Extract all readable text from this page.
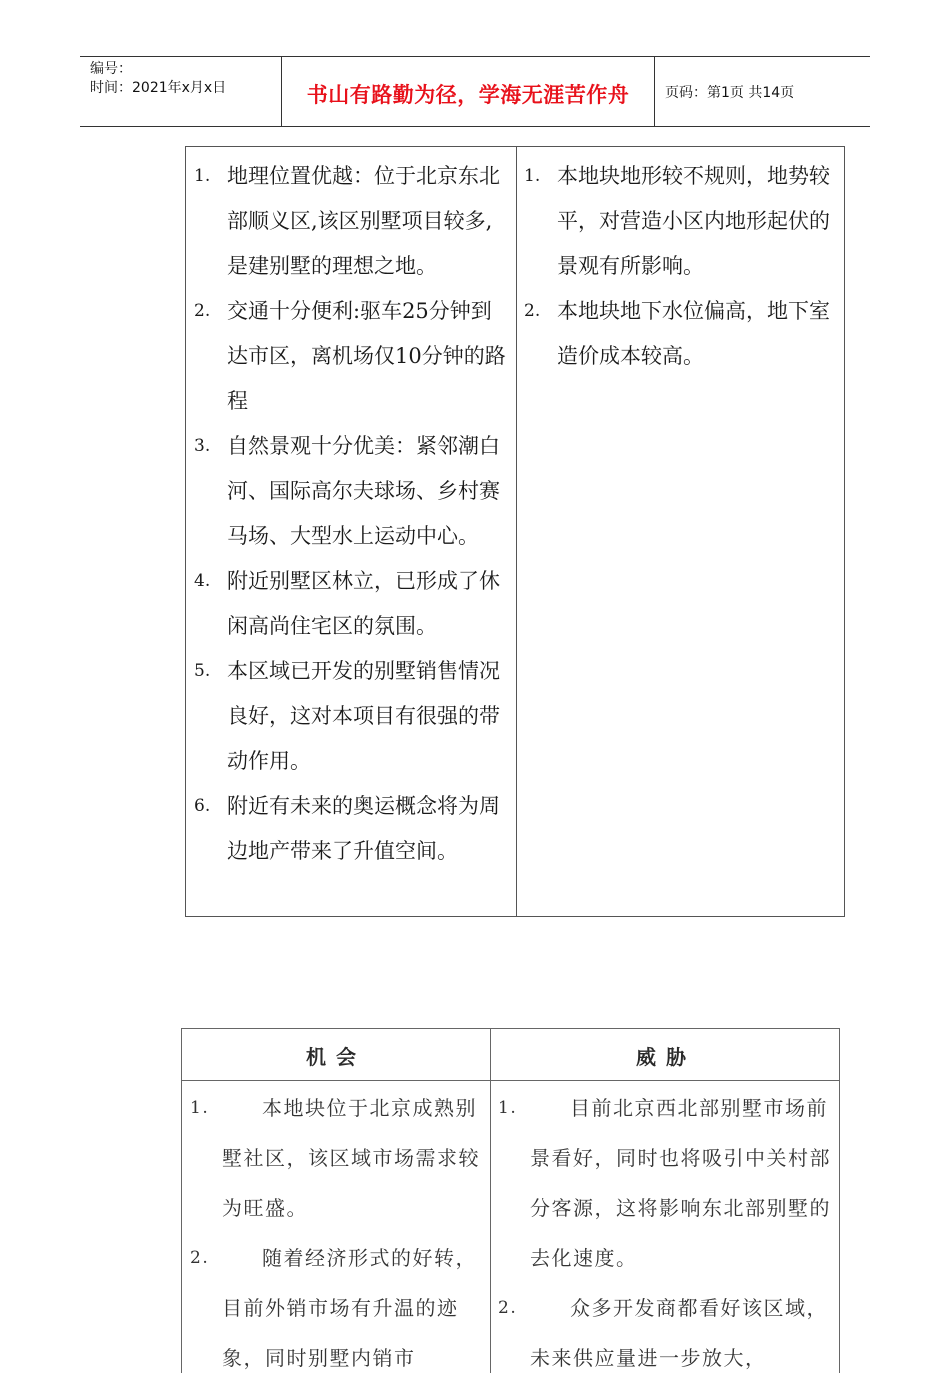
编号：
时间：2021年x月x日	书山有路勤为径，学海无涯苦作舟	页码：第1页 共14页
1. 地理位置优越：位于北京东北部顺义区,该区别墅项目较多,是建别墅的理想之地。
2. 交通十分便利:驱车25分钟到达市区，离机场仅10分钟的路程
3. 自然景观十分优美：紧邻潮白河、国际高尔夫球场、乡村赛马场、大型水上运动中心。
4. 附近别墅区林立，已形成了休闲高尚住宅区的氛围。
5. 本区域已开发的别墅销售情况良好，这对本项目有很强的带动作用。
6. 附近有未来的奥运概念将为周边地产带来了升值空间。
1. 本地块地形较不规则，地势较平，对营造小区内地形起伏的景观有所影响。
2. 本地块地下水位偏高，地下室造价成本较高。
机会	威胁
1.	本地块位于北京成熟别墅社区，该区域市场需求较为旺盛。
2.	随着经济形式的好转，目前外销市场有升温的迹象，同时别墅内销市
1.	目前北京西北部别墅市场前景看好，同时也将吸引中关村部分客源，这将影响东北部别墅的去化速度。
2.	众多开发商都看好该区域，未来供应量进一步放大，
